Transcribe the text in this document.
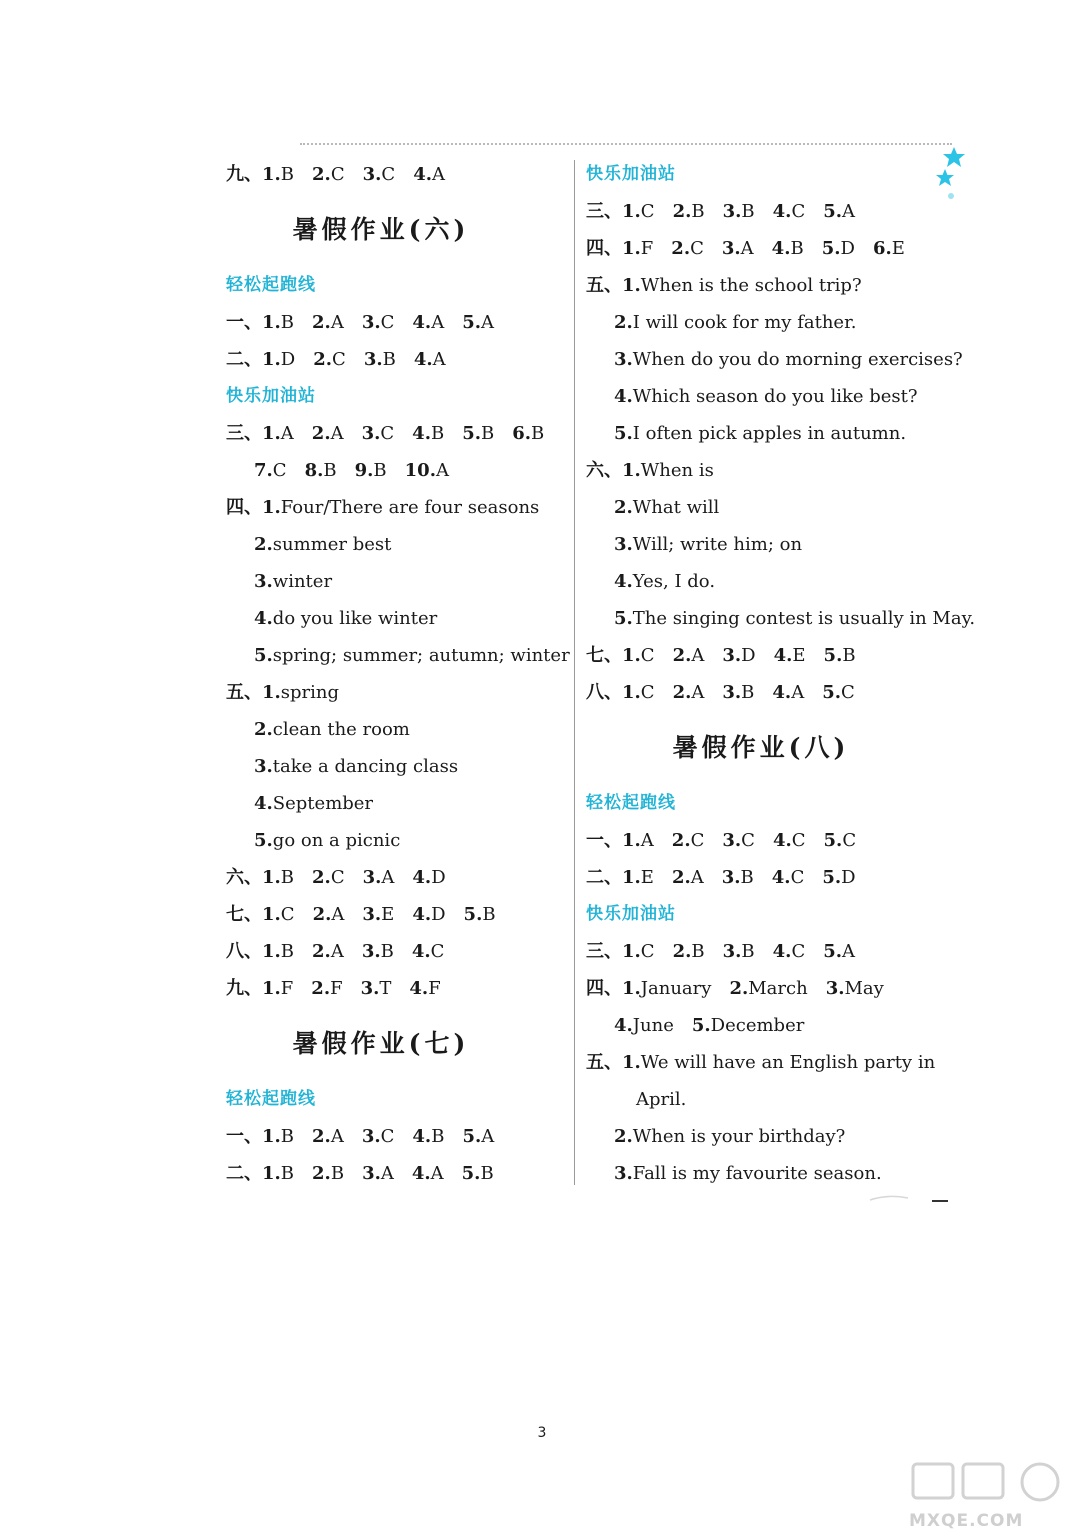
九、1.B  2.C  3.C  4.A
暑假作业(六)
轻松起跑线
一、1.B  2.A  3.C  4.A  5.A
二、1.D  2.C  3.B  4.A
快乐加油站
三、1.A  2.A  3.C  4.B  5.B  6.B
7.C  8.B  9.B  10.A
四、1.Four/There are four seasons
2.summer best
3.winter
4.do you like winter
5.spring; summer; autumn; winter
五、1.spring
2.clean the room
3.take a dancing class
4.September
5.go on a picnic
六、1.B  2.C  3.A  4.D
七、1.C  2.A  3.E  4.D  5.B
八、1.B  2.A  3.B  4.C
九、1.F  2.F  3.T  4.F
暑假作业(七)
轻松起跑线
一、1.B  2.A  3.C  4.B  5.A
二、1.B  2.B  3.A  4.A  5.B
快乐加油站
三、1.C  2.B  3.B  4.C  5.A
四、1.F  2.C  3.A  4.B  5.D  6.E
五、1.When is the school trip?
2.I will cook for my father.
3.When do you do morning exercises?
4.Which season do you like best?
5.I often pick apples in autumn.
六、1.When is
2.What will
3.Will; write him; on
4.Yes, I do.
5.The singing contest is usually in May.
七、1.C  2.A  3.D  4.E  5.B
八、1.C  2.A  3.B  4.A  5.C
暑假作业(八)
轻松起跑线
一、1.A  2.C  3.C  4.C  5.C
二、1.E  2.A  3.B  4.C  5.D
快乐加油站
三、1.C  2.B  3.B  4.C  5.A
四、1.January  2.March  3.May
4.June  5.December
五、1.We will have an English party in
April.
2.When is your birthday?
3.Fall is my favourite season.
3
MXQE.COM
